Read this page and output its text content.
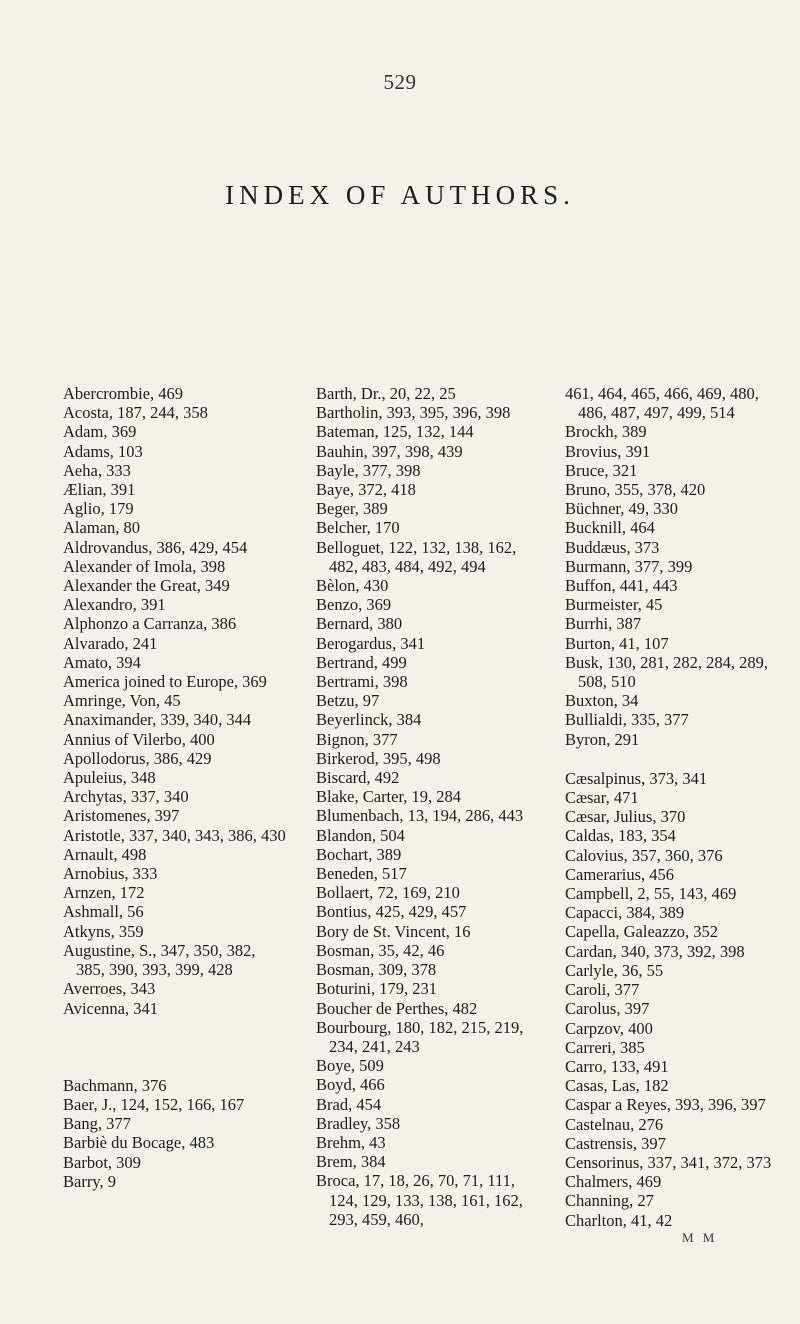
529
INDEX OF AUTHORS.
Abercrombie, 469
Acosta, 187, 244, 358
Adam, 369
Adams, 103
Aeha, 333
Ælian, 391
Aglio, 179
Alaman, 80
Aldrovandus, 386, 429, 454
Alexander of Imola, 398
Alexander the Great, 349
Alexandro, 391
Alphonzo a Carranza, 386
Alvarado, 241
Amato, 394
America joined to Europe, 369
Amringe, Von, 45
Anaximander, 339, 340, 344
Annius of Vilerbo, 400
Apollodorus, 386, 429
Apuleius, 348
Archytas, 337, 340
Aristomenes, 397
Aristotle, 337, 340, 343, 386, 430
Arnault, 498
Arnobius, 333
Arnzen, 172
Ashmall, 56
Atkyns, 359
Augustine, S., 347, 350, 382, 385, 390, 393, 399, 428
Averroes, 343
Avicenna, 341
Bachmann, 376
Baer, J., 124, 152, 166, 167
Bang, 377
Barbiè du Bocage, 483
Barbot, 309
Barry, 9
Barth, Dr., 20, 22, 25
Bartholin, 393, 395, 396, 398
Bateman, 125, 132, 144
Bauhin, 397, 398, 439
Bayle, 377, 398
Baye, 372, 418
Beger, 389
Belcher, 170
Belloguet, 122, 132, 138, 162, 482, 483, 484, 492, 494
Bèlon, 430
Benzo, 369
Bernard, 380
Berogardus, 341
Bertrand, 499
Bertrami, 398
Betzu, 97
Beyerlinck, 384
Bignon, 377
Birkerod, 395, 498
Biscard, 492
Blake, Carter, 19, 284
Blumenbach, 13, 194, 286, 443
Blandon, 504
Bochart, 389
Beneden, 517
Bollaert, 72, 169, 210
Bontius, 425, 429, 457
Bory de St. Vincent, 16
Bosman, 35, 42, 46
Bosman, 309, 378
Boturini, 179, 231
Boucher de Perthes, 482
Bourbourg, 180, 182, 215, 219, 234, 241, 243
Boye, 509
Boyd, 466
Brad, 454
Bradley, 358
Brehm, 43
Brem, 384
Broca, 17, 18, 26, 70, 71, 111, 124, 129, 133, 138, 161, 162, 293, 459, 460,
461, 464, 465, 466, 469, 480, 486, 487, 497, 499, 514
Brockh, 389
Brovius, 391
Bruce, 321
Bruno, 355, 378, 420
Büchner, 49, 330
Bucknill, 464
Buddæus, 373
Burmann, 377, 399
Buffon, 441, 443
Burmeister, 45
Burrhi, 387
Burton, 41, 107
Busk, 130, 281, 282, 284, 289, 508, 510
Buxton, 34
Bullialdi, 335, 377
Byron, 291
Cæsalpinus, 373, 341
Cæsar, 471
Cæsar, Julius, 370
Caldas, 183, 354
Calovius, 357, 360, 376
Camerarius, 456
Campbell, 2, 55, 143, 469
Capacci, 384, 389
Capella, Galeazzo, 352
Cardan, 340, 373, 392, 398
Carlyle, 36, 55
Caroli, 377
Carolus, 397
Carpzov, 400
Carreri, 385
Carro, 133, 491
Casas, Las, 182
Caspar a Reyes, 393, 396, 397
Castelnau, 276
Castrensis, 397
Censorinus, 337, 341, 372, 373
Chalmers, 469
Channing, 27
Charlton, 41, 42
M M
